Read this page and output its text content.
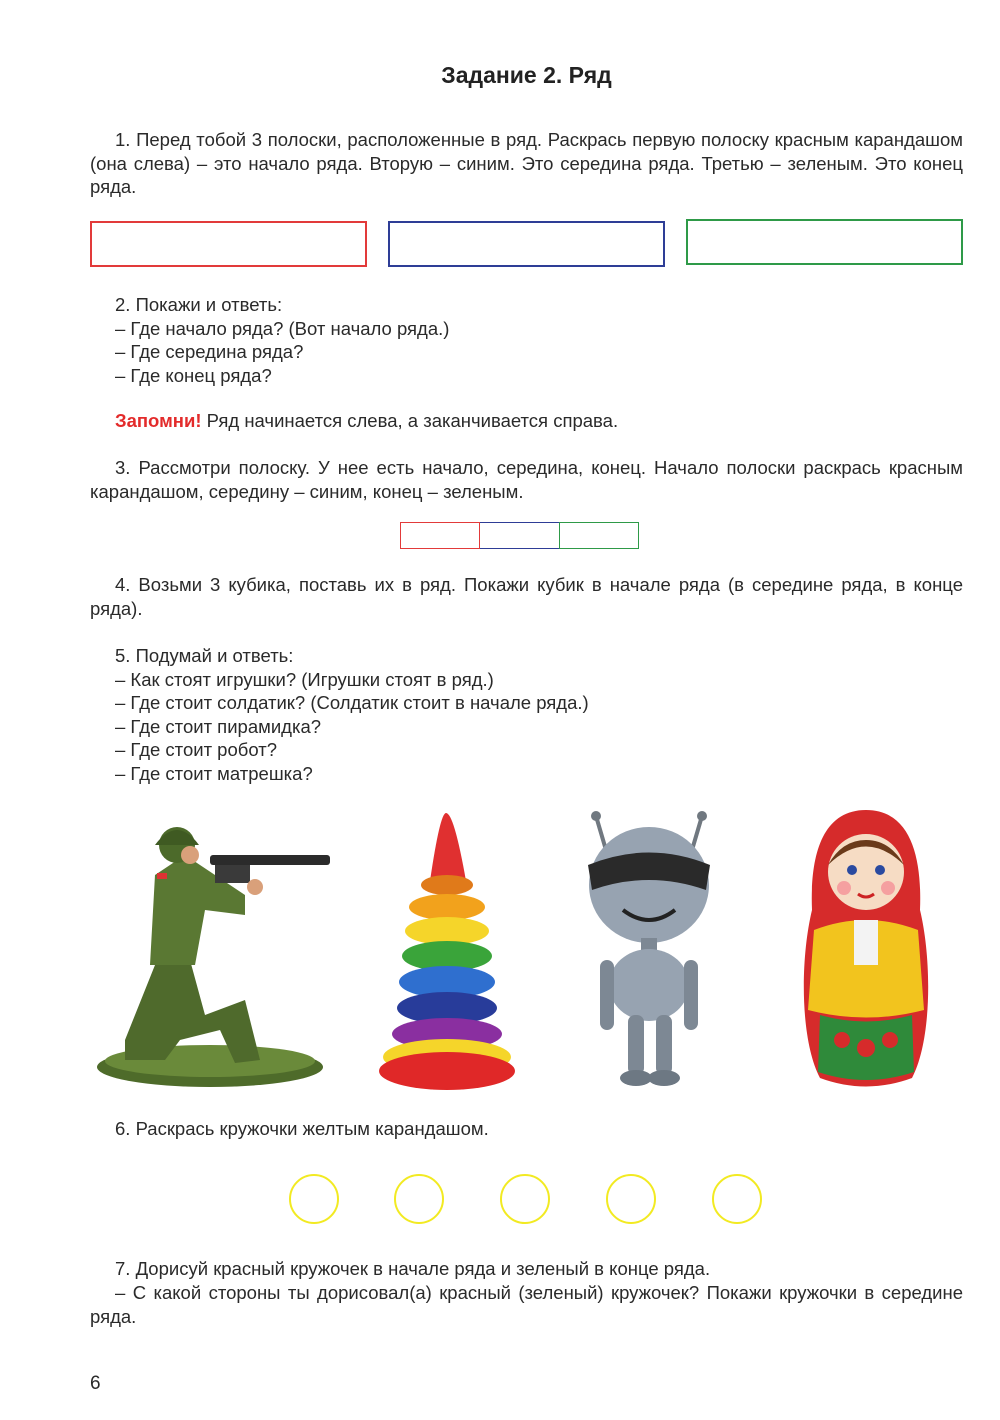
Задание 2. Ряд

1. Перед тобой 3 полоски, расположенные в ряд. Раскрась первую полоску красным карандашом (она слева) – это начало ряда. Вторую – синим. Это середина ряда. Третью – зеленым. Это конец ряда.

2. Покажи и ответь:
– Где начало ряда? (Вот начало ряда.)
– Где середина ряда?
– Где конец ряда?
Запомни! Ряд начинается слева, а заканчивается справа.

3. Рассмотри полоску. У нее есть начало, середина, конец. Начало полоски раскрась красным карандашом, середину – синим, конец – зеленым.

4. Возьми 3 кубика, поставь их в ряд. Покажи кубик в начале ряда (в середине ряда, в конце ряда).

5. Подумай и ответь:
– Как стоят игрушки? (Игрушки стоят в ряд.)
– Где стоит солдатик? (Солдатик стоит в начале ряда.)
– Где стоит пирамидка?
– Где стоит робот?
– Где стоит матрешка?

6. Раскрась кружочки желтым карандашом.

7. Дорисуй красный кружочек в начале ряда и зеленый в конце ряда.

– С какой стороны ты дорисовал(а) красный (зеленый) кружочек? Покажи кружочки в середине ряда.

6
